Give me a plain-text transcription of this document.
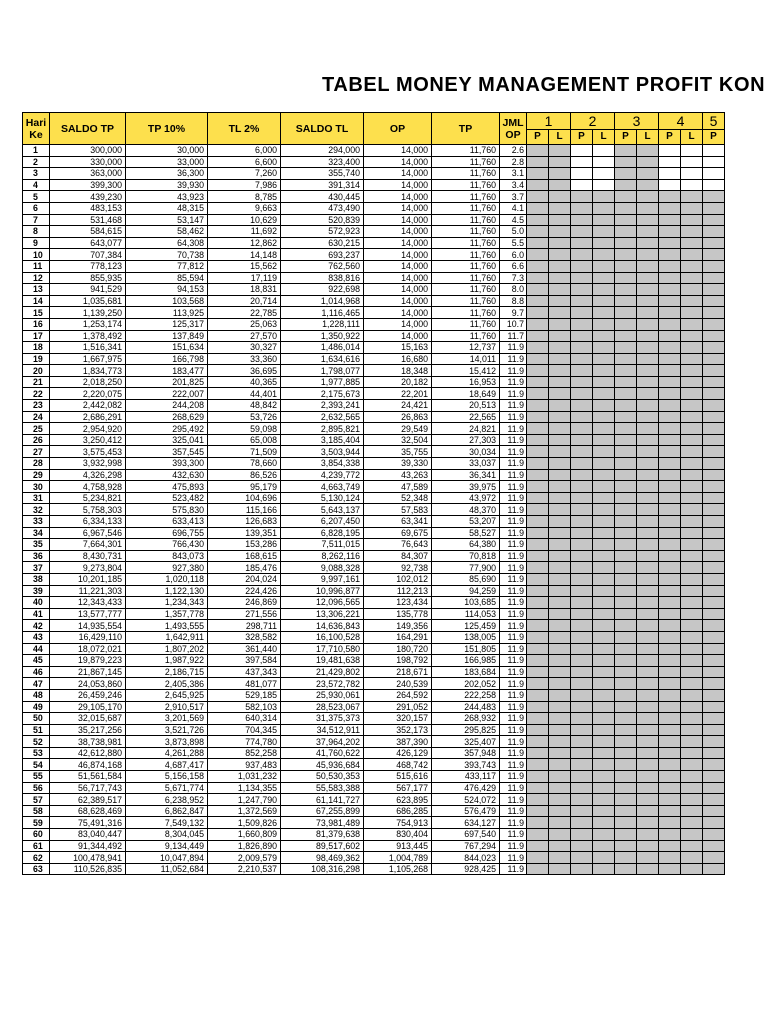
TABEL MONEY MANAGEMENT PROFIT KON
Hari Ke	SALDO TP	TP 10%	TL 2%	SALDO TL	OP	TP	JML OP	1		2		3		4		5
								P	L	P	L	P	L	P	L	P
1	300,000	30,000	6,000	294,000	14,000	11,760	2.6									
2	330,000	33,000	6,600	323,400	14,000	11,760	2.8									
3	363,000	36,300	7,260	355,740	14,000	11,760	3.1									
4	399,300	39,930	7,986	391,314	14,000	11,760	3.4									
5	439,230	43,923	8,785	430,445	14,000	11,760	3.7									
6	483,153	48,315	9,663	473,490	14,000	11,760	4.1									
7	531,468	53,147	10,629	520,839	14,000	11,760	4.5									
8	584,615	58,462	11,692	572,923	14,000	11,760	5.0									
9	643,077	64,308	12,862	630,215	14,000	11,760	5.5									
10	707,384	70,738	14,148	693,237	14,000	11,760	6.0									
11	778,123	77,812	15,562	762,560	14,000	11,760	6.6									
12	855,935	85,594	17,119	838,816	14,000	11,760	7.3									
13	941,529	94,153	18,831	922,698	14,000	11,760	8.0									
14	1,035,681	103,568	20,714	1,014,968	14,000	11,760	8.8									
15	1,139,250	113,925	22,785	1,116,465	14,000	11,760	9.7									
16	1,253,174	125,317	25,063	1,228,111	14,000	11,760	10.7									
17	1,378,492	137,849	27,570	1,350,922	14,000	11,760	11.7									
18	1,516,341	151,634	30,327	1,486,014	15,163	12,737	11.9									
19	1,667,975	166,798	33,360	1,634,616	16,680	14,011	11.9									
20	1,834,773	183,477	36,695	1,798,077	18,348	15,412	11.9									
21	2,018,250	201,825	40,365	1,977,885	20,182	16,953	11.9									
22	2,220,075	222,007	44,401	2,175,673	22,201	18,649	11.9									
23	2,442,082	244,208	48,842	2,393,241	24,421	20,513	11.9									
24	2,686,291	268,629	53,726	2,632,565	26,863	22,565	11.9									
25	2,954,920	295,492	59,098	2,895,821	29,549	24,821	11.9									
26	3,250,412	325,041	65,008	3,185,404	32,504	27,303	11.9									
27	3,575,453	357,545	71,509	3,503,944	35,755	30,034	11.9									
28	3,932,998	393,300	78,660	3,854,338	39,330	33,037	11.9									
29	4,326,298	432,630	86,526	4,239,772	43,263	36,341	11.9									
30	4,758,928	475,893	95,179	4,663,749	47,589	39,975	11.9									
31	5,234,821	523,482	104,696	5,130,124	52,348	43,972	11.9									
32	5,758,303	575,830	115,166	5,643,137	57,583	48,370	11.9									
33	6,334,133	633,413	126,683	6,207,450	63,341	53,207	11.9									
34	6,967,546	696,755	139,351	6,828,195	69,675	58,527	11.9									
35	7,664,301	766,430	153,286	7,511,015	76,643	64,380	11.9									
36	8,430,731	843,073	168,615	8,262,116	84,307	70,818	11.9									
37	9,273,804	927,380	185,476	9,088,328	92,738	77,900	11.9									
38	10,201,185	1,020,118	204,024	9,997,161	102,012	85,690	11.9									
39	11,221,303	1,122,130	224,426	10,996,877	112,213	94,259	11.9									
40	12,343,433	1,234,343	246,869	12,096,565	123,434	103,685	11.9									
41	13,577,777	1,357,778	271,556	13,306,221	135,778	114,053	11.9									
42	14,935,554	1,493,555	298,711	14,636,843	149,356	125,459	11.9									
43	16,429,110	1,642,911	328,582	16,100,528	164,291	138,005	11.9									
44	18,072,021	1,807,202	361,440	17,710,580	180,720	151,805	11.9									
45	19,879,223	1,987,922	397,584	19,481,638	198,792	166,985	11.9									
46	21,867,145	2,186,715	437,343	21,429,802	218,671	183,684	11.9									
47	24,053,860	2,405,386	481,077	23,572,782	240,539	202,052	11.9									
48	26,459,246	2,645,925	529,185	25,930,061	264,592	222,258	11.9									
49	29,105,170	2,910,517	582,103	28,523,067	291,052	244,483	11.9									
50	32,015,687	3,201,569	640,314	31,375,373	320,157	268,932	11.9									
51	35,217,256	3,521,726	704,345	34,512,911	352,173	295,825	11.9									
52	38,738,981	3,873,898	774,780	37,964,202	387,390	325,407	11.9									
53	42,612,880	4,261,288	852,258	41,760,622	426,129	357,948	11.9									
54	46,874,168	4,687,417	937,483	45,936,684	468,742	393,743	11.9									
55	51,561,584	5,156,158	1,031,232	50,530,353	515,616	433,117	11.9									
56	56,717,743	5,671,774	1,134,355	55,583,388	567,177	476,429	11.9									
57	62,389,517	6,238,952	1,247,790	61,141,727	623,895	524,072	11.9									
58	68,628,469	6,862,847	1,372,569	67,255,899	686,285	576,479	11.9									
59	75,491,316	7,549,132	1,509,826	73,981,489	754,913	634,127	11.9									
60	83,040,447	8,304,045	1,660,809	81,379,638	830,404	697,540	11.9									
61	91,344,492	9,134,449	1,826,890	89,517,602	913,445	767,294	11.9									
62	100,478,941	10,047,894	2,009,579	98,469,362	1,004,789	844,023	11.9									
63	110,526,835	11,052,684	2,210,537	108,316,298	1,105,268	928,425	11.9									
